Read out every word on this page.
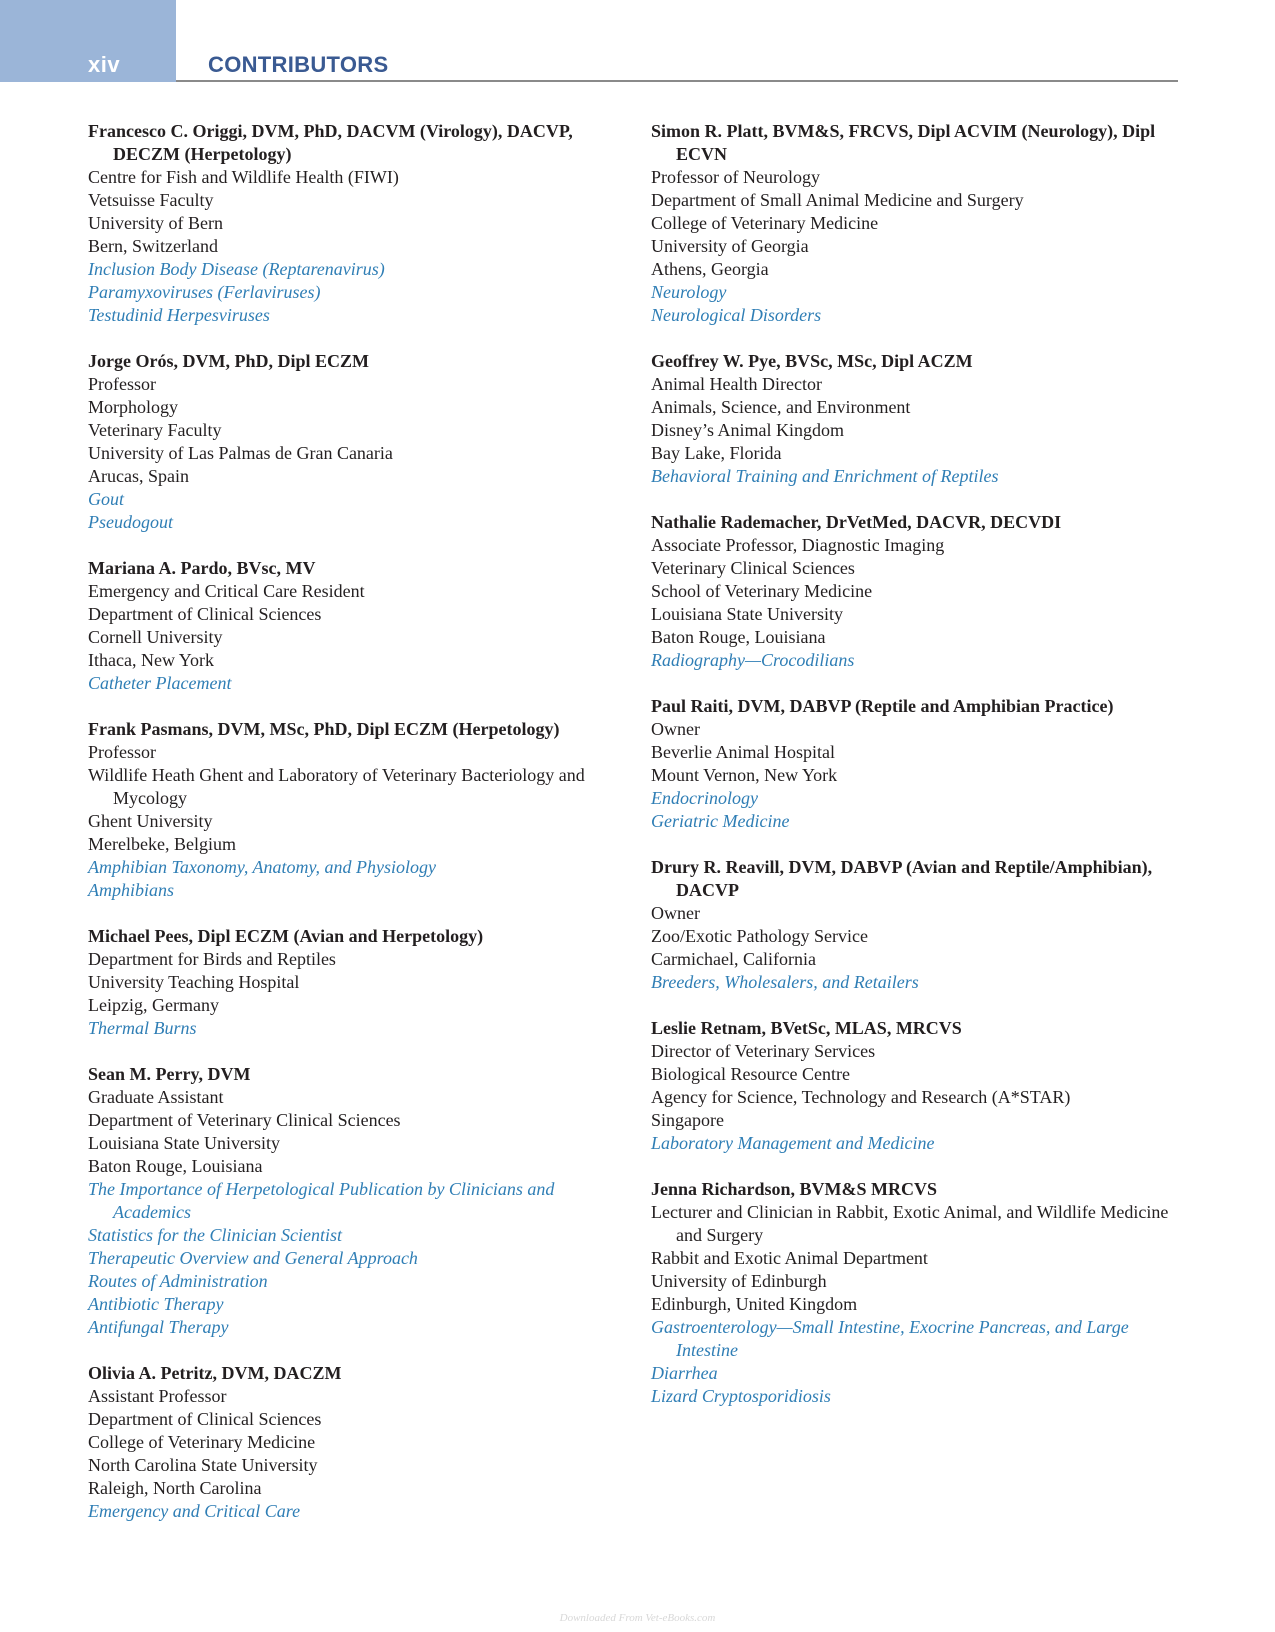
xiv	CONTRIBUTORS
Francesco C. Origgi, DVM, PhD, DACVM (Virology), DACVP, DECZM (Herpetology)
Centre for Fish and Wildlife Health (FIWI)
Vetsuisse Faculty
University of Bern
Bern, Switzerland
Inclusion Body Disease (Reptarenavirus)
Paramyxoviruses (Ferlaviruses)
Testudinid Herpesviruses
Jorge Orós, DVM, PhD, Dipl ECZM
Professor
Morphology
Veterinary Faculty
University of Las Palmas de Gran Canaria
Arucas, Spain
Gout
Pseudogout
Mariana A. Pardo, BVsc, MV
Emergency and Critical Care Resident
Department of Clinical Sciences
Cornell University
Ithaca, New York
Catheter Placement
Frank Pasmans, DVM, MSc, PhD, Dipl ECZM (Herpetology)
Professor
Wildlife Heath Ghent and Laboratory of Veterinary Bacteriology and Mycology
Ghent University
Merelbeke, Belgium
Amphibian Taxonomy, Anatomy, and Physiology
Amphibians
Michael Pees, Dipl ECZM (Avian and Herpetology)
Department for Birds and Reptiles
University Teaching Hospital
Leipzig, Germany
Thermal Burns
Sean M. Perry, DVM
Graduate Assistant
Department of Veterinary Clinical Sciences
Louisiana State University
Baton Rouge, Louisiana
The Importance of Herpetological Publication by Clinicians and Academics
Statistics for the Clinician Scientist
Therapeutic Overview and General Approach
Routes of Administration
Antibiotic Therapy
Antifungal Therapy
Olivia A. Petritz, DVM, DACZM
Assistant Professor
Department of Clinical Sciences
College of Veterinary Medicine
North Carolina State University
Raleigh, North Carolina
Emergency and Critical Care
Simon R. Platt, BVM&S, FRCVS, Dipl ACVIM (Neurology), Dipl ECVN
Professor of Neurology
Department of Small Animal Medicine and Surgery
College of Veterinary Medicine
University of Georgia
Athens, Georgia
Neurology
Neurological Disorders
Geoffrey W. Pye, BVSc, MSc, Dipl ACZM
Animal Health Director
Animals, Science, and Environment
Disney’s Animal Kingdom
Bay Lake, Florida
Behavioral Training and Enrichment of Reptiles
Nathalie Rademacher, DrVetMed, DACVR, DECVDI
Associate Professor, Diagnostic Imaging
Veterinary Clinical Sciences
School of Veterinary Medicine
Louisiana State University
Baton Rouge, Louisiana
Radiography—Crocodilians
Paul Raiti, DVM, DABVP (Reptile and Amphibian Practice)
Owner
Beverlie Animal Hospital
Mount Vernon, New York
Endocrinology
Geriatric Medicine
Drury R. Reavill, DVM, DABVP (Avian and Reptile/Amphibian), DACVP
Owner
Zoo/Exotic Pathology Service
Carmichael, California
Breeders, Wholesalers, and Retailers
Leslie Retnam, BVetSc, MLAS, MRCVS
Director of Veterinary Services
Biological Resource Centre
Agency for Science, Technology and Research (A*STAR)
Singapore
Laboratory Management and Medicine
Jenna Richardson, BVM&S MRCVS
Lecturer and Clinician in Rabbit, Exotic Animal, and Wildlife Medicine and Surgery
Rabbit and Exotic Animal Department
University of Edinburgh
Edinburgh, United Kingdom
Gastroenterology—Small Intestine, Exocrine Pancreas, and Large Intestine
Diarrhea
Lizard Cryptosporidiosis
Downloaded From Vet-eBooks.com
